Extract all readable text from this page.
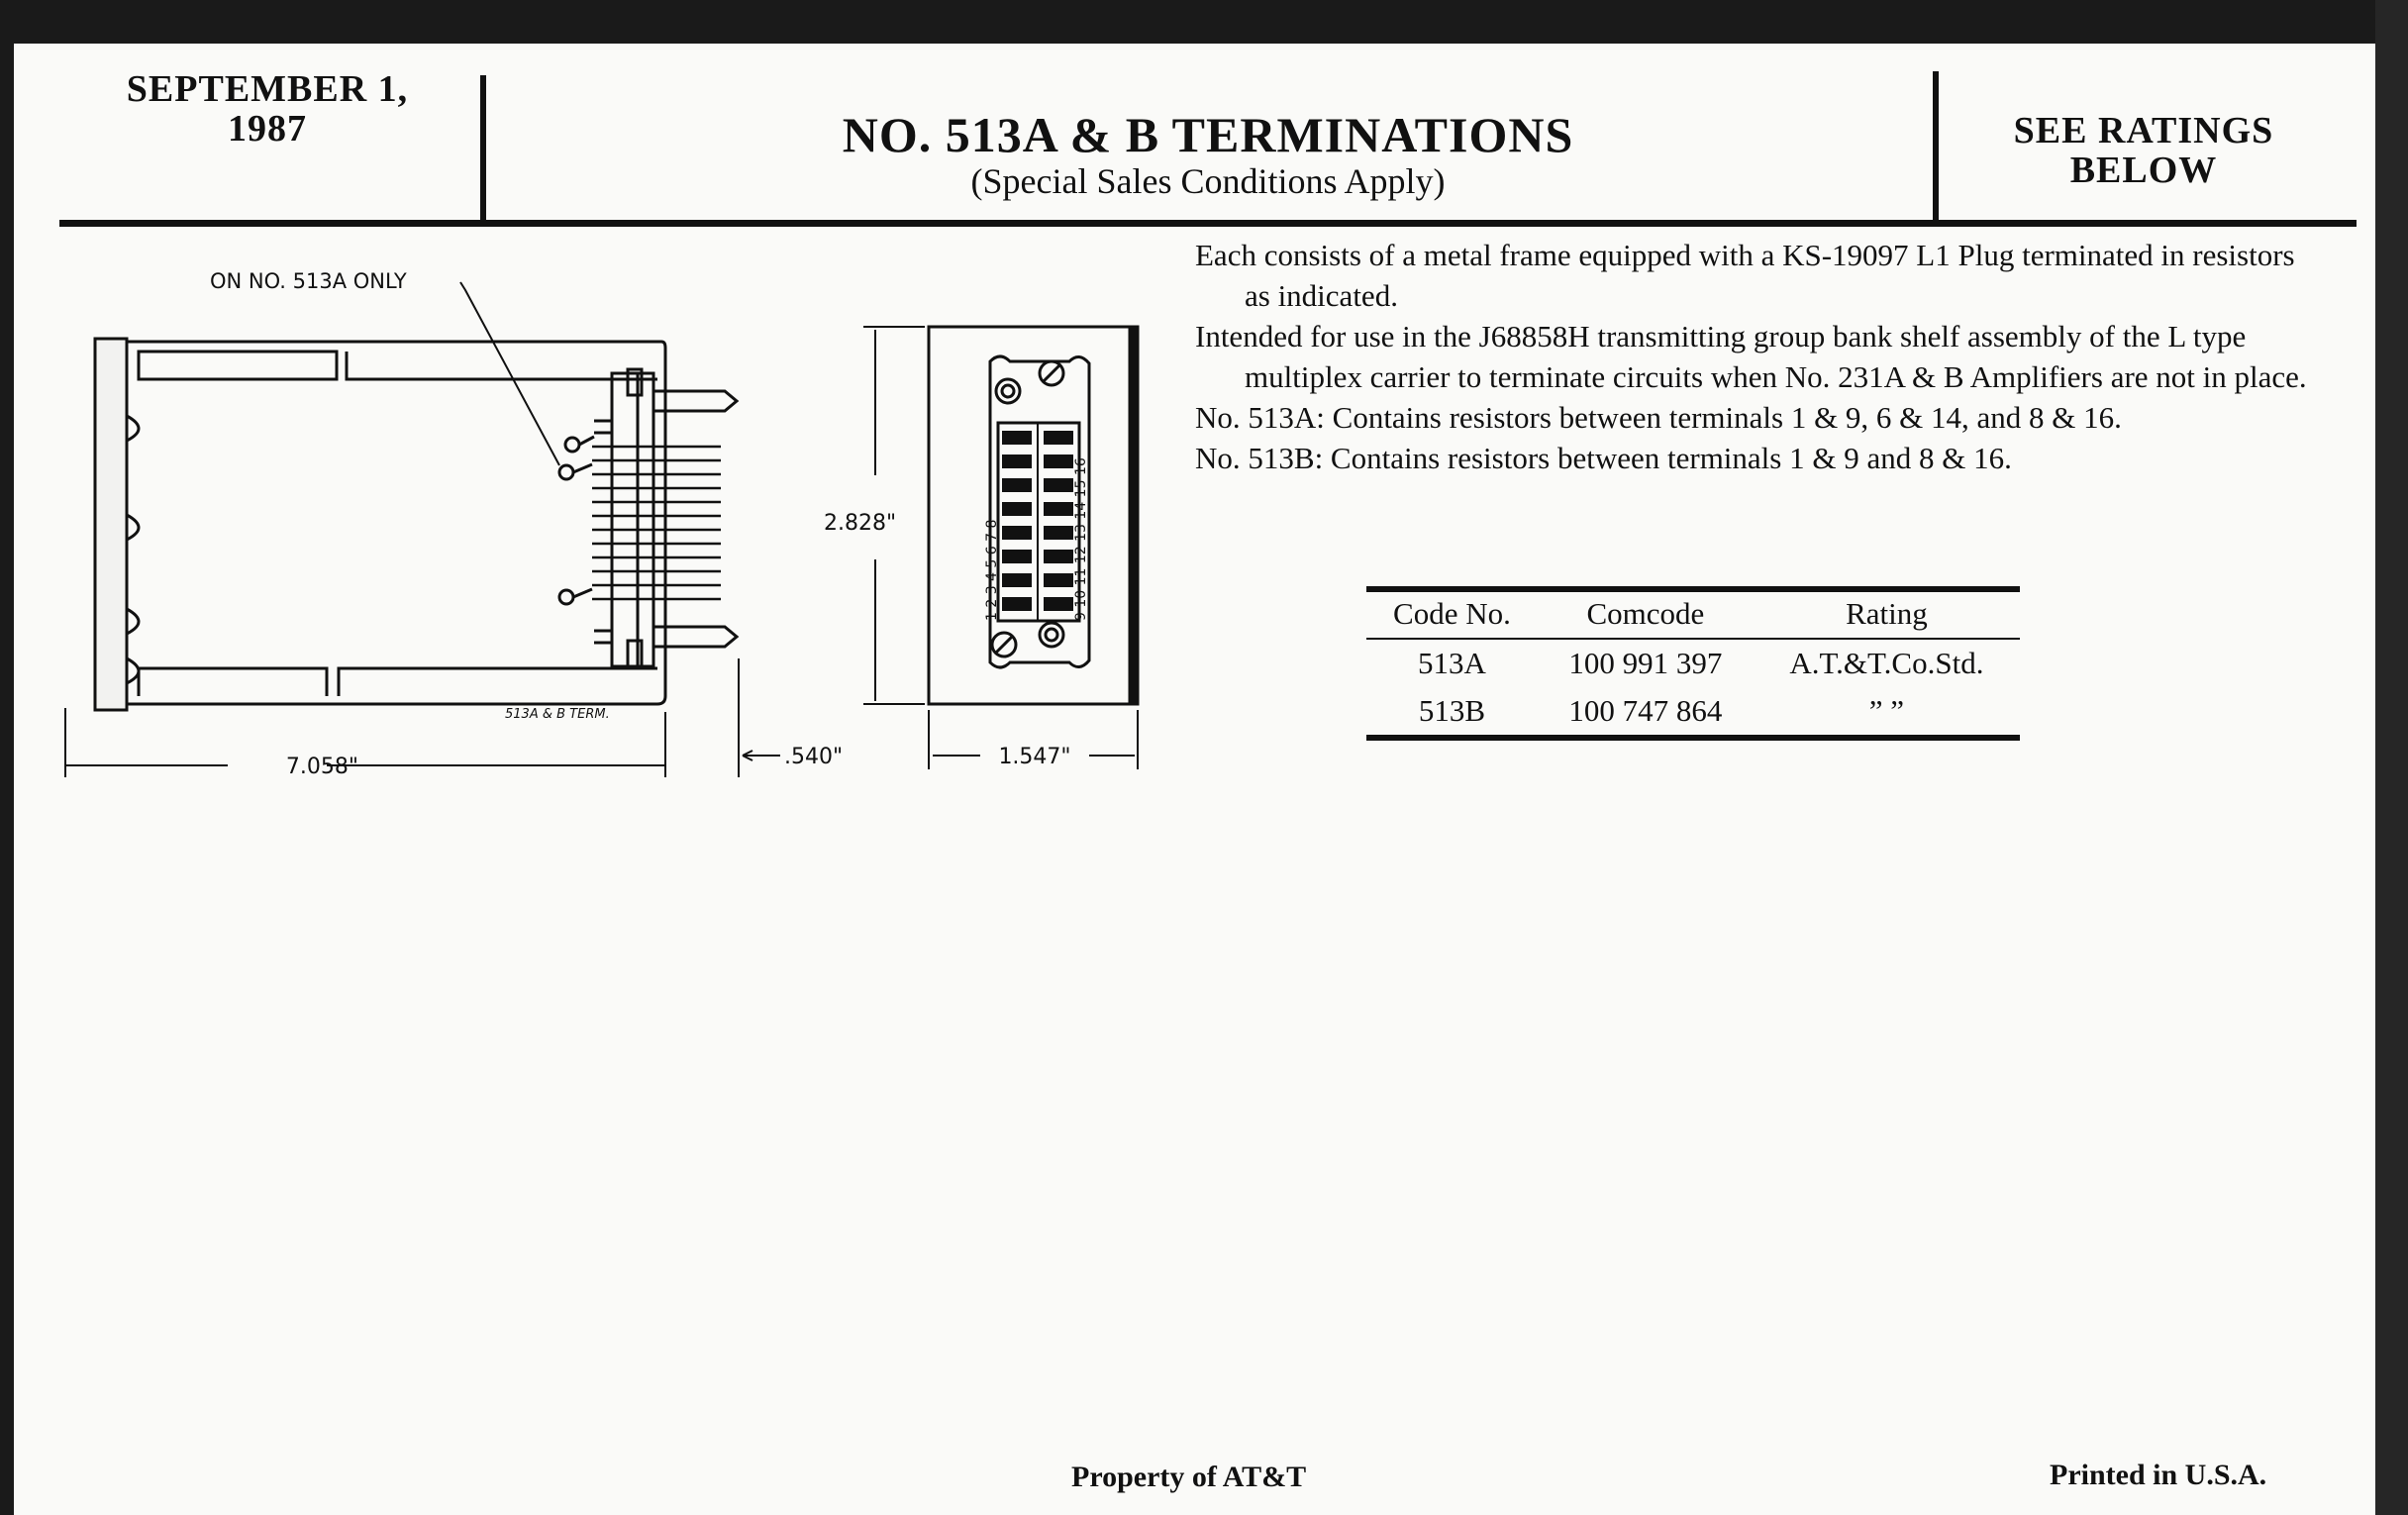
SEPTEMBER 1,
1987	NO. 513A & B TERMINATIONS
(Special Sales Conditions Apply)
SEE RATINGS
BELOW
ON NO. 513A ONLY
513A & B TERM.
7.058"	.540"
2.828"
1.547"
1 2 3 4 5 6 7 8	9 10 11 12 13 14 15 16

Each consists of a metal frame equipped with a KS-19097 L1 Plug terminated in resistors as indicated.

Intended for use in the J68858H transmitting group bank shelf assembly of the L type multiplex carrier to terminate circuits when No. 231A & B Amplifiers are not in place.

No. 513A: Contains resistors between terminals 1 & 9, 6 & 14, and 8 & 16.

No. 513B: Contains resistors between terminals 1 & 9 and 8 & 16.

Code No.	Comcode	Rating
513A	100 991 397	A.T.&T.Co.Std.
513B	100 747 864	” ”
Property of AT&T	Printed in U.S.A.
